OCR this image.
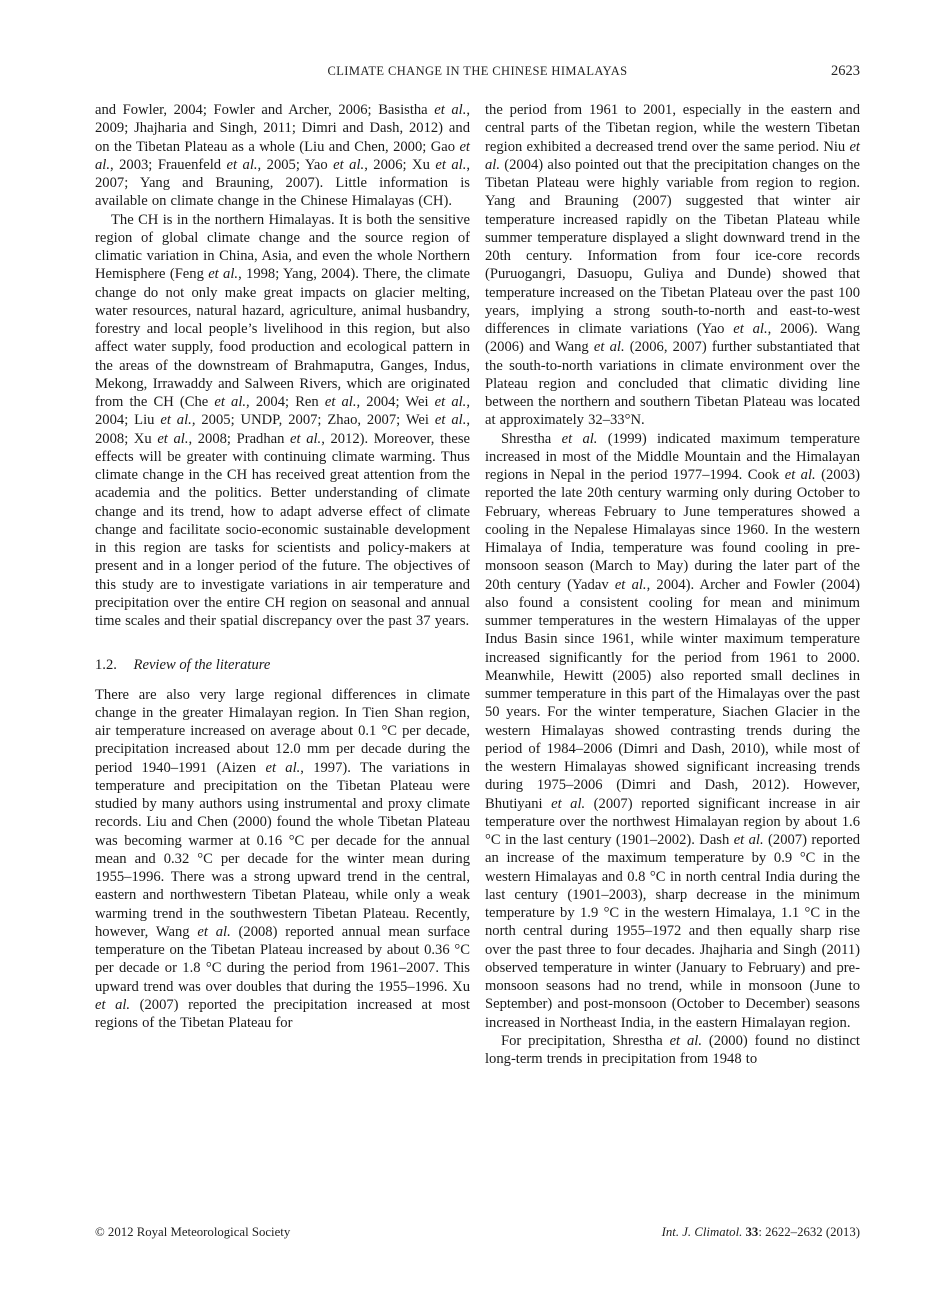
CLIMATE CHANGE IN THE CHINESE HIMALAYAS	2623

and Fowler, 2004; Fowler and Archer, 2006; Basistha et al., 2009; Jhajharia and Singh, 2011; Dimri and Dash, 2012) and on the Tibetan Plateau as a whole (Liu and Chen, 2000; Gao et al., 2003; Frauenfeld et al., 2005; Yao et al., 2006; Xu et al., 2007; Yang and Brauning, 2007). Little information is available on climate change in the Chinese Himalayas (CH).

The CH is in the northern Himalayas. It is both the sensitive region of global climate change and the source region of climatic variation in China, Asia, and even the whole Northern Hemisphere (Feng et al., 1998; Yang, 2004). There, the climate change do not only make great impacts on glacier melting, water resources, natural hazard, agriculture, animal husbandry, forestry and local people’s livelihood in this region, but also affect water supply, food production and ecological pattern in the areas of the downstream of Brahmaputra, Ganges, Indus, Mekong, Irrawaddy and Salween Rivers, which are originated from the CH (Che et al., 2004; Ren et al., 2004; Wei et al., 2004; Liu et al., 2005; UNDP, 2007; Zhao, 2007; Wei et al., 2008; Xu et al., 2008; Pradhan et al., 2012). Moreover, these effects will be greater with continuing climate warming. Thus climate change in the CH has received great attention from the academia and the politics. Better understanding of climate change and its trend, how to adapt adverse effect of climate change and facilitate socio-economic sustainable development in this region are tasks for scientists and policy-makers at present and in a longer period of the future. The objectives of this study are to investigate variations in air temperature and precipitation over the entire CH region on seasonal and annual time scales and their spatial discrepancy over the past 37 years.

1.2. Review of the literature

There are also very large regional differences in climate change in the greater Himalayan region. In Tien Shan region, air temperature increased on average about 0.1 °C per decade, precipitation increased about 12.0 mm per decade during the period 1940–1991 (Aizen et al., 1997). The variations in temperature and precipitation on the Tibetan Plateau were studied by many authors using instrumental and proxy climate records. Liu and Chen (2000) found the whole Tibetan Plateau was becoming warmer at 0.16 °C per decade for the annual mean and 0.32 °C per decade for the winter mean during 1955–1996. There was a strong upward trend in the central, eastern and northwestern Tibetan Plateau, while only a weak warming trend in the southwestern Tibetan Plateau. Recently, however, Wang et al. (2008) reported annual mean surface temperature on the Tibetan Plateau increased by about 0.36 °C per decade or 1.8 °C during the period from 1961–2007. This upward trend was over doubles that during the 1955–1996. Xu et al. (2007) reported the precipitation increased at most regions of the Tibetan Plateau for

the period from 1961 to 2001, especially in the eastern and central parts of the Tibetan region, while the western Tibetan region exhibited a decreased trend over the same period. Niu et al. (2004) also pointed out that the precipitation changes on the Tibetan Plateau were highly variable from region to region. Yang and Brauning (2007) suggested that winter air temperature increased rapidly on the Tibetan Plateau while summer temperature displayed a slight downward trend in the 20th century. Information from four ice-core records (Puruogangri, Dasuopu, Guliya and Dunde) showed that temperature increased on the Tibetan Plateau over the past 100 years, implying a strong south-to-north and east-to-west differences in climate variations (Yao et al., 2006). Wang (2006) and Wang et al. (2006, 2007) further substantiated that the south-to-north variations in climate environment over the Plateau region and concluded that climatic dividing line between the northern and southern Tibetan Plateau was located at approximately 32–33°N.

Shrestha et al. (1999) indicated maximum temperature increased in most of the Middle Mountain and the Himalayan regions in Nepal in the period 1977–1994. Cook et al. (2003) reported the late 20th century warming only during October to February, whereas February to June temperatures showed a cooling in the Nepalese Himalayas since 1960. In the western Himalaya of India, temperature was found cooling in pre-monsoon season (March to May) during the later part of the 20th century (Yadav et al., 2004). Archer and Fowler (2004) also found a consistent cooling for mean and minimum summer temperatures in the western Himalayas of the upper Indus Basin since 1961, while winter maximum temperature increased significantly for the period from 1961 to 2000. Meanwhile, Hewitt (2005) also reported small declines in summer temperature in this part of the Himalayas over the past 50 years. For the winter temperature, Siachen Glacier in the western Himalayas showed contrasting trends during the period of 1984–2006 (Dimri and Dash, 2010), while most of the western Himalayas showed significant increasing trends during 1975–2006 (Dimri and Dash, 2012). However, Bhutiyani et al. (2007) reported significant increase in air temperature over the northwest Himalayan region by about 1.6 °C in the last century (1901–2002). Dash et al. (2007) reported an increase of the maximum temperature by 0.9 °C in the western Himalayas and 0.8 °C in north central India during the last century (1901–2003), sharp decrease in the minimum temperature by 1.9 °C in the western Himalaya, 1.1 °C in the north central during 1955–1972 and then equally sharp rise over the past three to four decades. Jhajharia and Singh (2011) observed temperature in winter (January to February) and pre-monsoon seasons had no trend, while in monsoon (June to September) and post-monsoon (October to December) seasons increased in Northeast India, in the eastern Himalayan region.

For precipitation, Shrestha et al. (2000) found no distinct long-term trends in precipitation from 1948 to

© 2012 Royal Meteorological Society	Int. J. Climatol. 33: 2622–2632 (2013)
